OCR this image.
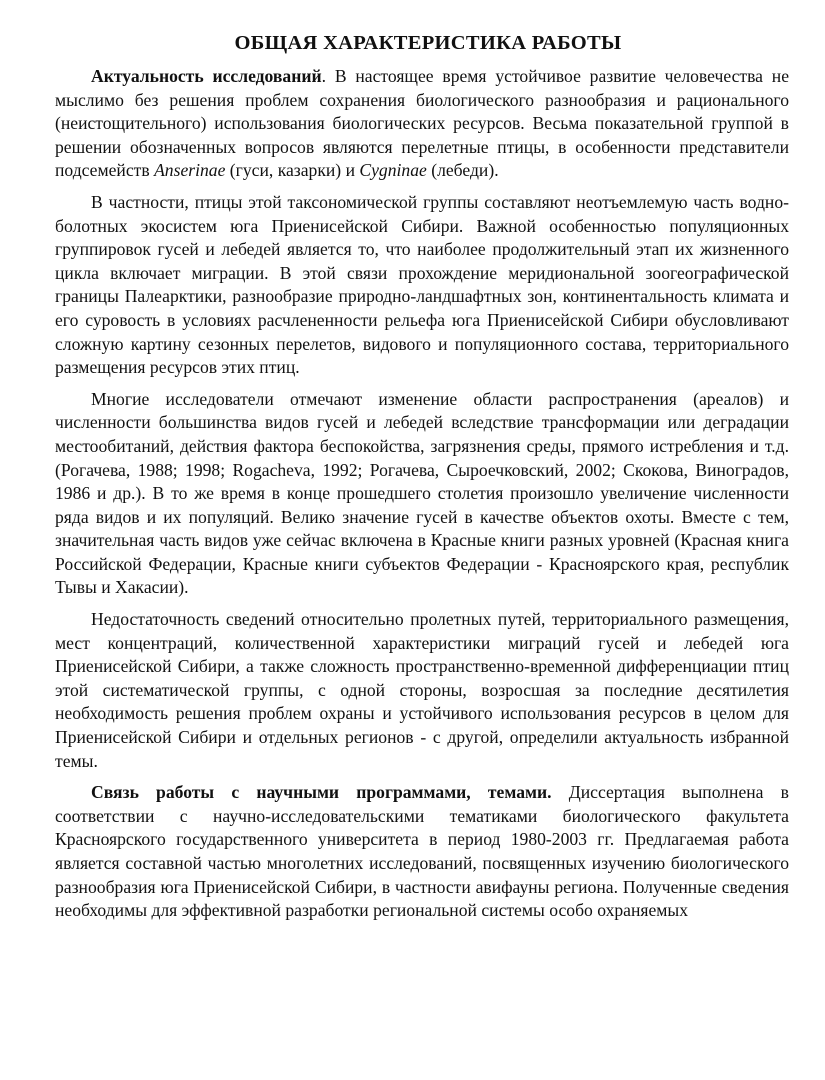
ОБЩАЯ ХАРАКТЕРИСТИКА РАБОТЫ

Актуальность исследований. В настоящее время устойчивое развитие человечества не мыслимо без решения проблем сохранения биологического разнообразия и рационального (неистощительного) использования биологических ресурсов. Весьма показательной группой в решении обозначенных вопросов являются перелетные птицы, в особенности представители подсемейств Anserinae (гуси, казарки) и Cygninae (лебеди).

В частности, птицы этой таксономической группы составляют неотъемлемую часть водно-болотных экосистем юга Приенисейской Сибири. Важной особенностью популяционных группировок гусей и лебедей является то, что наиболее продолжительный этап их жизненного цикла включает миграции. В этой связи прохождение меридиональной зоогеографической границы Палеарктики, разнообразие природно-ландшафтных зон, континентальность климата и его суровость в условиях расчлененности рельефа юга Приенисейской Сибири обусловливают сложную картину сезонных перелетов, видового и популяционного состава, территориального размещения ресурсов этих птиц.

Многие исследователи отмечают изменение области распространения (ареалов) и численности большинства видов гусей и лебедей вследствие трансформации или деградации местообитаний, действия фактора беспокойства, загрязнения среды, прямого истребления и т.д. (Рогачева, 1988; 1998; Rogacheva, 1992; Рогачева, Сыроечковский, 2002; Скокова, Виноградов, 1986 и др.). В то же время в конце прошедшего столетия произошло увеличение численности ряда видов и их популяций. Велико значение гусей в качестве объектов охоты. Вместе с тем, значительная часть видов уже сейчас включена в Красные книги разных уровней (Красная книга Российской Федерации, Красные книги субъектов Федерации - Красноярского края, республик Тывы и Хакасии).

Недостаточность сведений относительно пролетных путей, территориального размещения, мест концентраций, количественной характеристики миграций гусей и лебедей юга Приенисейской Сибири, а также сложность пространственно-временной дифференциации птиц этой систематической группы, с одной стороны, возросшая за последние десятилетия необходимость решения проблем охраны и устойчивого использования ресурсов в целом для Приенисейской Сибири и отдельных регионов - с другой, определили актуальность избранной темы.

Связь работы с научными программами, темами. Диссертация выполнена в соответствии с научно-исследовательскими тематиками биологического факультета Красноярского государственного университета в период 1980-2003 гг. Предлагаемая работа является составной частью многолетних исследований, посвященных изучению биологического разнообразия юга Приенисейской Сибири, в частности авифауны региона. Полученные сведения необходимы для эффективной разработки региональной системы особо охраняемых
